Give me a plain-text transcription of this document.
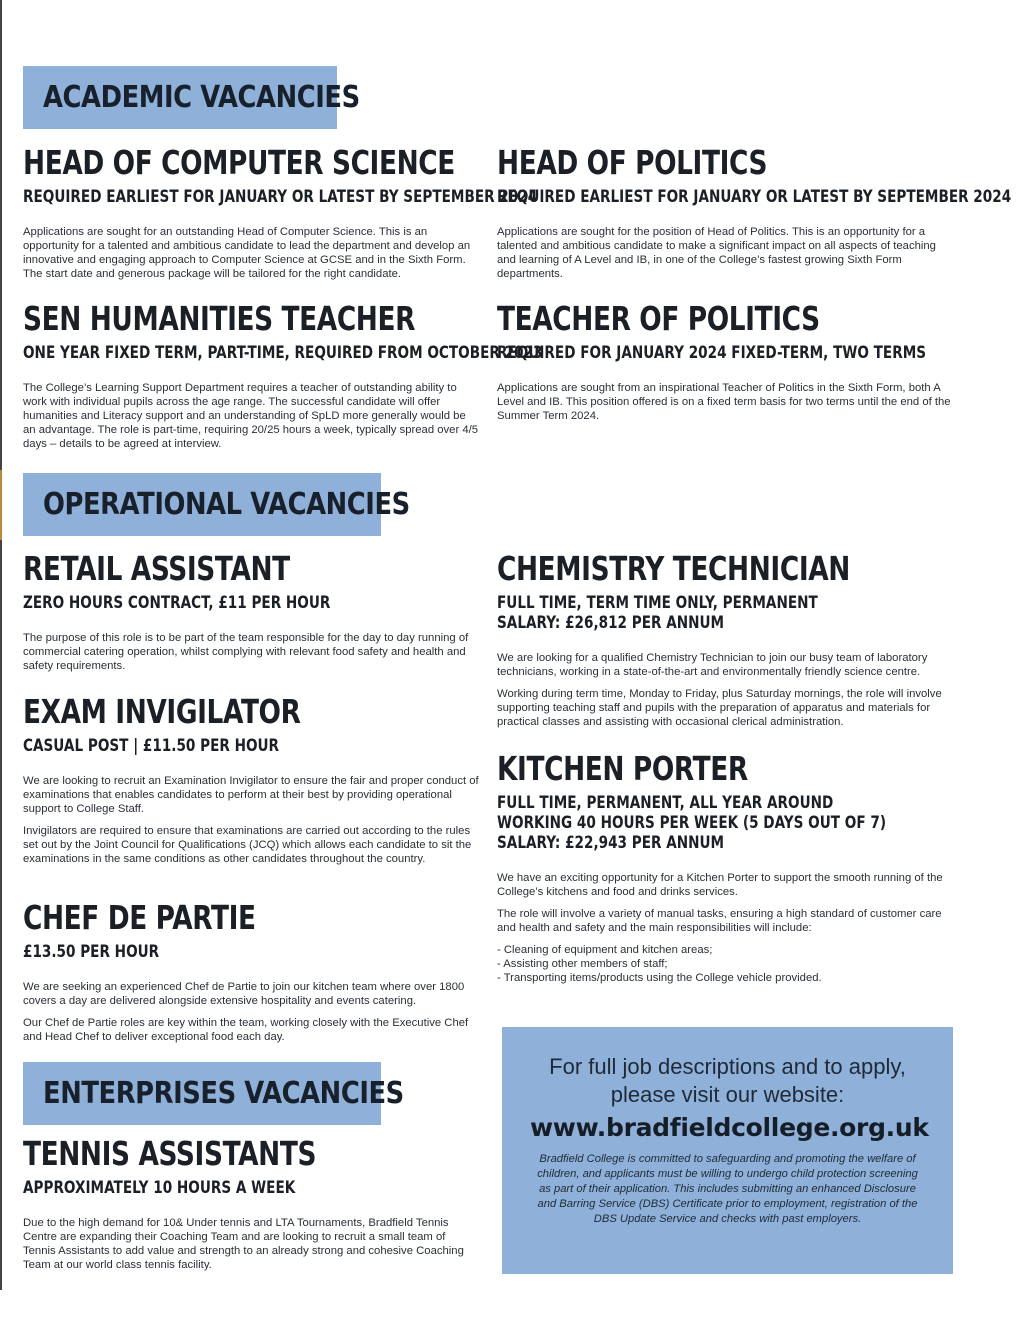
ACADEMIC VACANCIES
HEAD OF COMPUTER SCIENCE
REQUIRED EARLIEST FOR JANUARY OR LATEST BY SEPTEMBER 2024

Applications are sought for an outstanding Head of Computer Science. This is an opportunity for a talented and ambitious candidate to lead the department and develop an innovative and engaging approach to Computer Science at GCSE and in the Sixth Form. The start date and generous package will be tailored for the right candidate.

HEAD OF POLITICS
REQUIRED EARLIEST FOR JANUARY OR LATEST BY SEPTEMBER 2024

Applications are sought for the position of Head of Politics. This is an opportunity for a talented and ambitious candidate to make a significant impact on all aspects of teaching and learning of A Level and IB, in one of the College’s fastest growing Sixth Form departments.

SEN HUMANITIES TEACHER
ONE YEAR FIXED TERM, PART-TIME, REQUIRED FROM OCTOBER 2023

The College’s Learning Support Department requires a teacher of outstanding ability to work with individual pupils across the age range. The successful candidate will offer humanities and Literacy support and an understanding of SpLD more generally would be an advantage. The role is part-time, requiring 20/25 hours a week, typically spread over 4/5 days – details to be agreed at interview.

TEACHER OF POLITICS
REQUIRED FOR JANUARY 2024 FIXED-TERM, TWO TERMS

Applications are sought from an inspirational Teacher of Politics in the Sixth Form, both A Level and IB. This position offered is on a fixed term basis for two terms until the end of the Summer Term 2024.

OPERATIONAL VACANCIES
RETAIL ASSISTANT
ZERO HOURS CONTRACT, £11 PER HOUR

The purpose of this role is to be part of the team responsible for the day to day running of commercial catering operation, whilst complying with relevant food safety and health and safety requirements.

CHEMISTRY TECHNICIAN
FULL TIME, TERM TIME ONLY, PERMANENT
SALARY: £26,812 PER ANNUM

We are looking for a qualified Chemistry Technician to join our busy team of laboratory technicians, working in a state-of-the-art and environmentally friendly science centre.

Working during term time, Monday to Friday, plus Saturday mornings, the role will involve supporting teaching staff and pupils with the preparation of apparatus and materials for practical classes and assisting with occasional clerical administration.

EXAM INVIGILATOR
CASUAL POST | £11.50 PER HOUR

We are looking to recruit an Examination Invigilator to ensure the fair and proper conduct of examinations that enables candidates to perform at their best by providing operational support to College Staff.

Invigilators are required to ensure that examinations are carried out according to the rules set out by the Joint Council for Qualifications (JCQ) which allows each candidate to sit the examinations in the same conditions as other candidates throughout the country.

KITCHEN PORTER
FULL TIME, PERMANENT, ALL YEAR AROUND
WORKING 40 HOURS PER WEEK (5 DAYS OUT OF 7)
SALARY: £22,943 PER ANNUM

We have an exciting opportunity for a Kitchen Porter to support the smooth running of the College’s kitchens and food and drinks services.

The role will involve a variety of manual tasks, ensuring a high standard of customer care and health and safety and the main responsibilities will include:

- Cleaning of equipment and kitchen areas;
- Assisting other members of staff;
- Transporting items/products using the College vehicle provided.
CHEF DE PARTIE
£13.50 PER HOUR

We are seeking an experienced Chef de Partie to join our kitchen team where over 1800 covers a day are delivered alongside extensive hospitality and events catering.

Our Chef de Partie roles are key within the team, working closely with the Executive Chef and Head Chef to deliver exceptional food each day.

ENTERPRISES VACANCIES
TENNIS ASSISTANTS
APPROXIMATELY 10 HOURS A WEEK

Due to the high demand for 10& Under tennis and LTA Tournaments, Bradfield Tennis Centre are expanding their Coaching Team and are looking to recruit a small team of Tennis Assistants to add value and strength to an already strong and cohesive Coaching Team at our world class tennis facility.

For full job descriptions and to apply, please visit our website:
www.bradfieldcollege.org.uk
Bradfield College is committed to safeguarding and promoting the welfare of children, and applicants must be willing to undergo child protection screening as part of their application. This includes submitting an enhanced Disclosure and Barring Service (DBS) Certificate prior to employment, registration of the DBS Update Service and checks with past employers.
